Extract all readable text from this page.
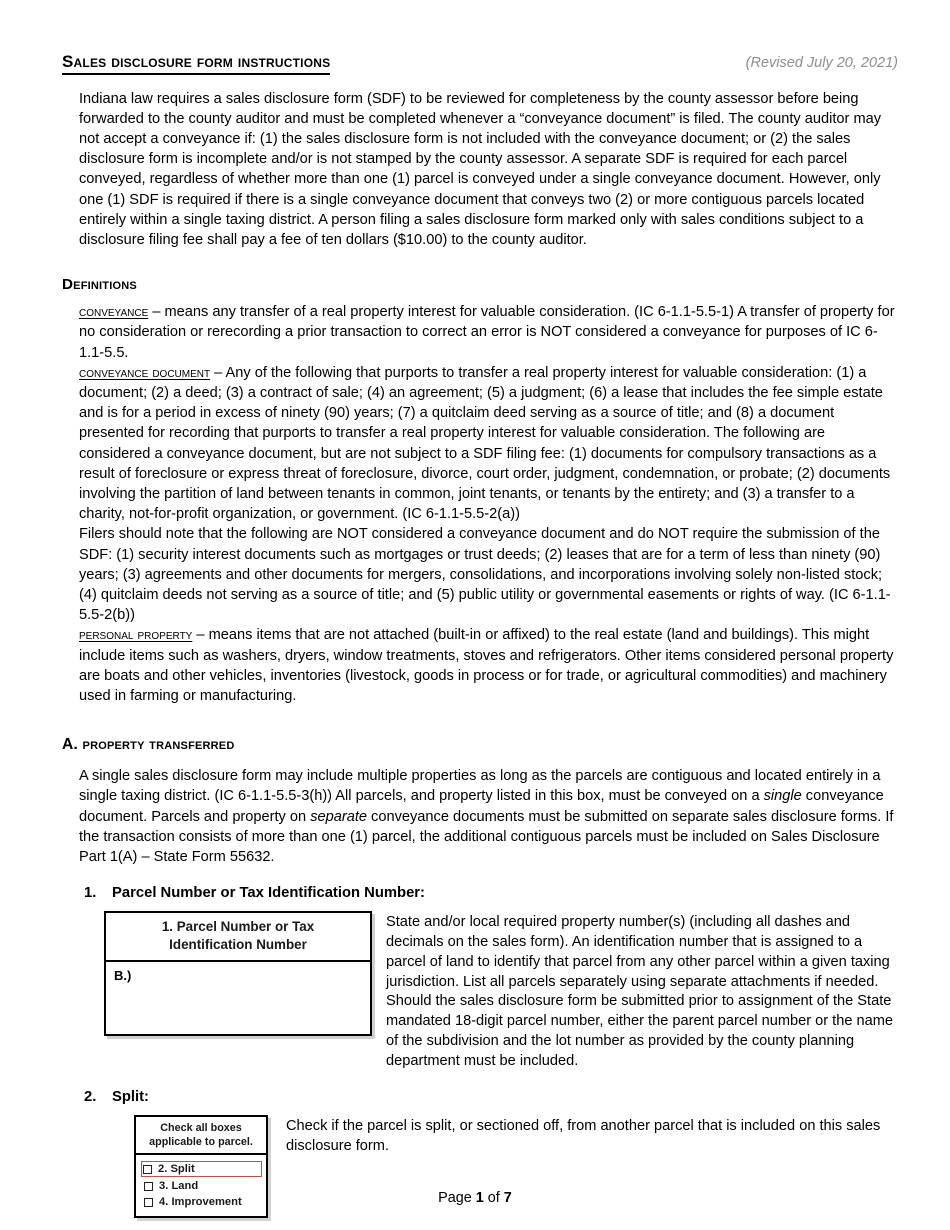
Sales disclosure form instructions	(Revised July 20, 2021)

Indiana law requires a sales disclosure form (SDF) to be reviewed for completeness by the county assessor before being forwarded to the county auditor and must be completed whenever a “conveyance document” is filed. The county auditor may not accept a conveyance if: (1) the sales disclosure form is not included with the conveyance document; or (2) the sales disclosure form is incomplete and/or is not stamped by the county assessor. A separate SDF is required for each parcel conveyed, regardless of whether more than one (1) parcel is conveyed under a single conveyance document. However, only one (1) SDF is required if there is a single conveyance document that conveys two (2) or more contiguous parcels located entirely within a single taxing district. A person filing a sales disclosure form marked only with sales conditions subject to a disclosure filing fee shall pay a fee of ten dollars ($10.00) to the county auditor.

Definitions

conveyance – means any transfer of a real property interest for valuable consideration. (IC 6-1.1-5.5-1) A transfer of property for no consideration or rerecording a prior transaction to correct an error is NOT considered a conveyance for purposes of IC 6-1.1-5.5.

conveyance document – Any of the following that purports to transfer a real property interest for valuable consideration: (1) a document; (2) a deed; (3) a contract of sale; (4) an agreement; (5) a judgment; (6) a lease that includes the fee simple estate and is for a period in excess of ninety (90) years; (7) a quitclaim deed serving as a source of title; and (8) a document presented for recording that purports to transfer a real property interest for valuable consideration. The following are considered a conveyance document, but are not subject to a SDF filing fee: (1) documents for compulsory transactions as a result of foreclosure or express threat of foreclosure, divorce, court order, judgment, condemnation, or probate; (2) documents involving the partition of land between tenants in common, joint tenants, or tenants by the entirety; and (3) a transfer to a charity, not-for-profit organization, or government. (IC 6-1.1-5.5-2(a))

Filers should note that the following are NOT considered a conveyance document and do NOT require the submission of the SDF: (1) security interest documents such as mortgages or trust deeds; (2) leases that are for a term of less than ninety (90) years; (3) agreements and other documents for mergers, consolidations, and incorporations involving solely non-listed stock; (4) quitclaim deeds not serving as a source of title; and (5) public utility or governmental easements or rights of way. (IC 6-1.1-5.5-2(b))

personal property – means items that are not attached (built-in or affixed) to the real estate (land and buildings). This might include items such as washers, dryers, window treatments, stoves and refrigerators. Other items considered personal property are boats and other vehicles, inventories (livestock, goods in process or for trade, or agricultural commodities) and machinery used in farming or manufacturing.

A. property transferred

A single sales disclosure form may include multiple properties as long as the parcels are contiguous and located entirely in a single taxing district. (IC 6-1.1-5.5-3(h)) All parcels, and property listed in this box, must be conveyed on a single conveyance document. Parcels and property on separate conveyance documents must be submitted on separate sales disclosure forms. If the transaction consists of more than one (1) parcel, the additional contiguous parcels must be included on Sales Disclosure Part 1(A) – State Form 55632.

1.	Parcel Number or Tax Identification Number:
1. Parcel Number or Tax Identification Number
B.)
State and/or local required property number(s) (including all dashes and decimals on the sales form). An identification number that is assigned to a parcel of land to identify that parcel from any other parcel within a given taxing jurisdiction. List all parcels separately using separate attachments if needed. Should the sales disclosure form be submitted prior to assignment of the State mandated 18-digit parcel number, either the parent parcel number or the name of the subdivision and the lot number as provided by the county planning department must be included.
2.	Split:
Check all boxes applicable to parcel.
2. Split
3. Land
4. Improvement
Check if the parcel is split, or sectioned off, from another parcel that is included on this sales disclosure form.
Page 1 of 7
